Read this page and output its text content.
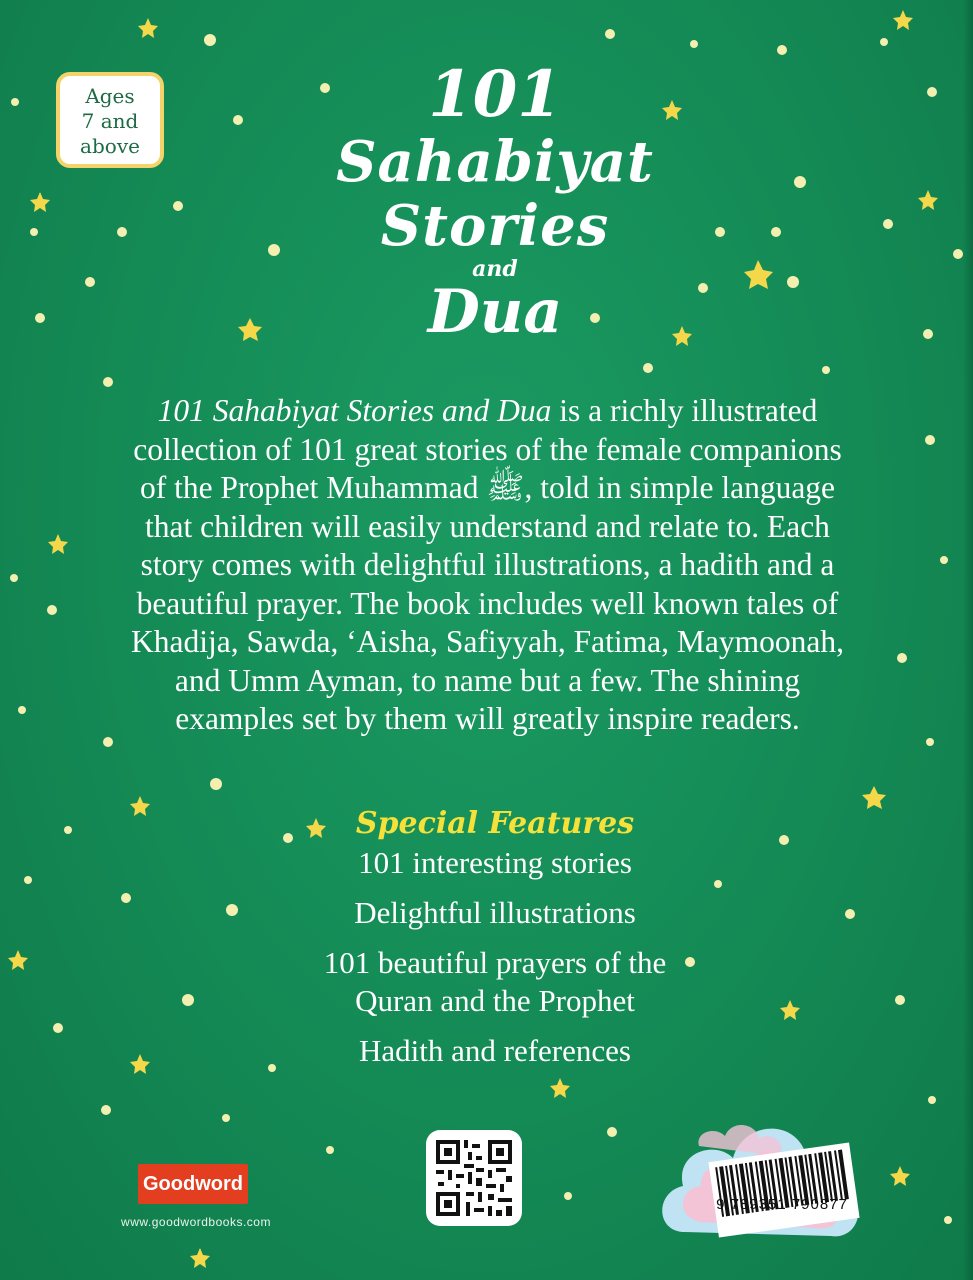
Ages
7 and
above
101
Sahabiyat
Stories
and
Dua
101 Sahabiyat Stories and Dua is a richly illustrated
collection of 101 great stories of the female companions
of the Prophet Muhammad ﷺ, told in simple language
that children will easily understand and relate to. Each
story comes with delightful illustrations, a hadith and a
beautiful prayer. The book includes well known tales of
Khadija, Sawda, ‘Aisha, Safiyyah, Fatima, Maymoonah,
and Umm Ayman, to name but a few. The shining
examples set by them will greatly inspire readers.
Special Features
101 interesting stories
Delightful illustrations
101 beautiful prayers of the
Quran and the Prophet
Hadith and references
Goodword
www.goodwordbooks.com
9 789351 790877
